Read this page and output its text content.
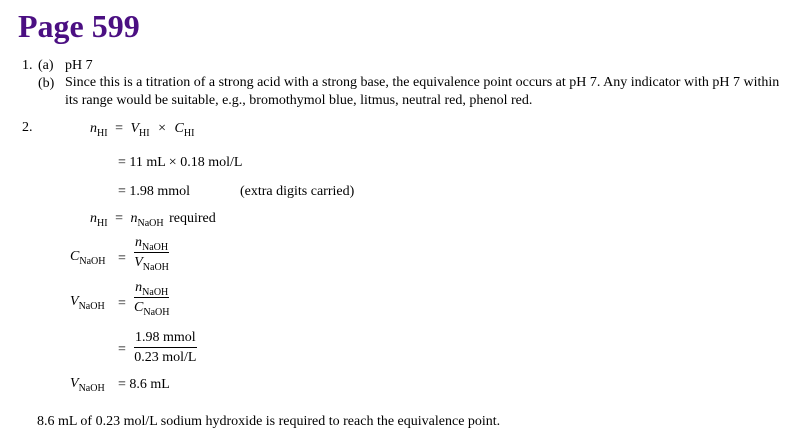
Page 599
1. (a) pH 7
(b) Since this is a titration of a strong acid with a strong base, the equivalence point occurs at pH 7. Any indicator with pH 7 within its range would be suitable, e.g., bromothymol blue, litmus, neutral red, phenol red.
2.	$n_{HI} = V_{HI} \times C_{HI}$
= 11 mL × 0.18 mol/L
= 1.98 mmol	(extra digits carried)
$n_{HI} = n_{NaOH}$ required
$C_{NaOH}$ =
$n_{NaOH}$
$V_{NaOH}$
$V_{NaOH}$ =
$n_{NaOH}$
$C_{NaOH}$
=
1.98 mmol
0.23 mol/L
$V_{NaOH} = 8.6$ mL
8.6 mL of 0.23 mol/L sodium hydroxide is required to reach the equivalence point.
